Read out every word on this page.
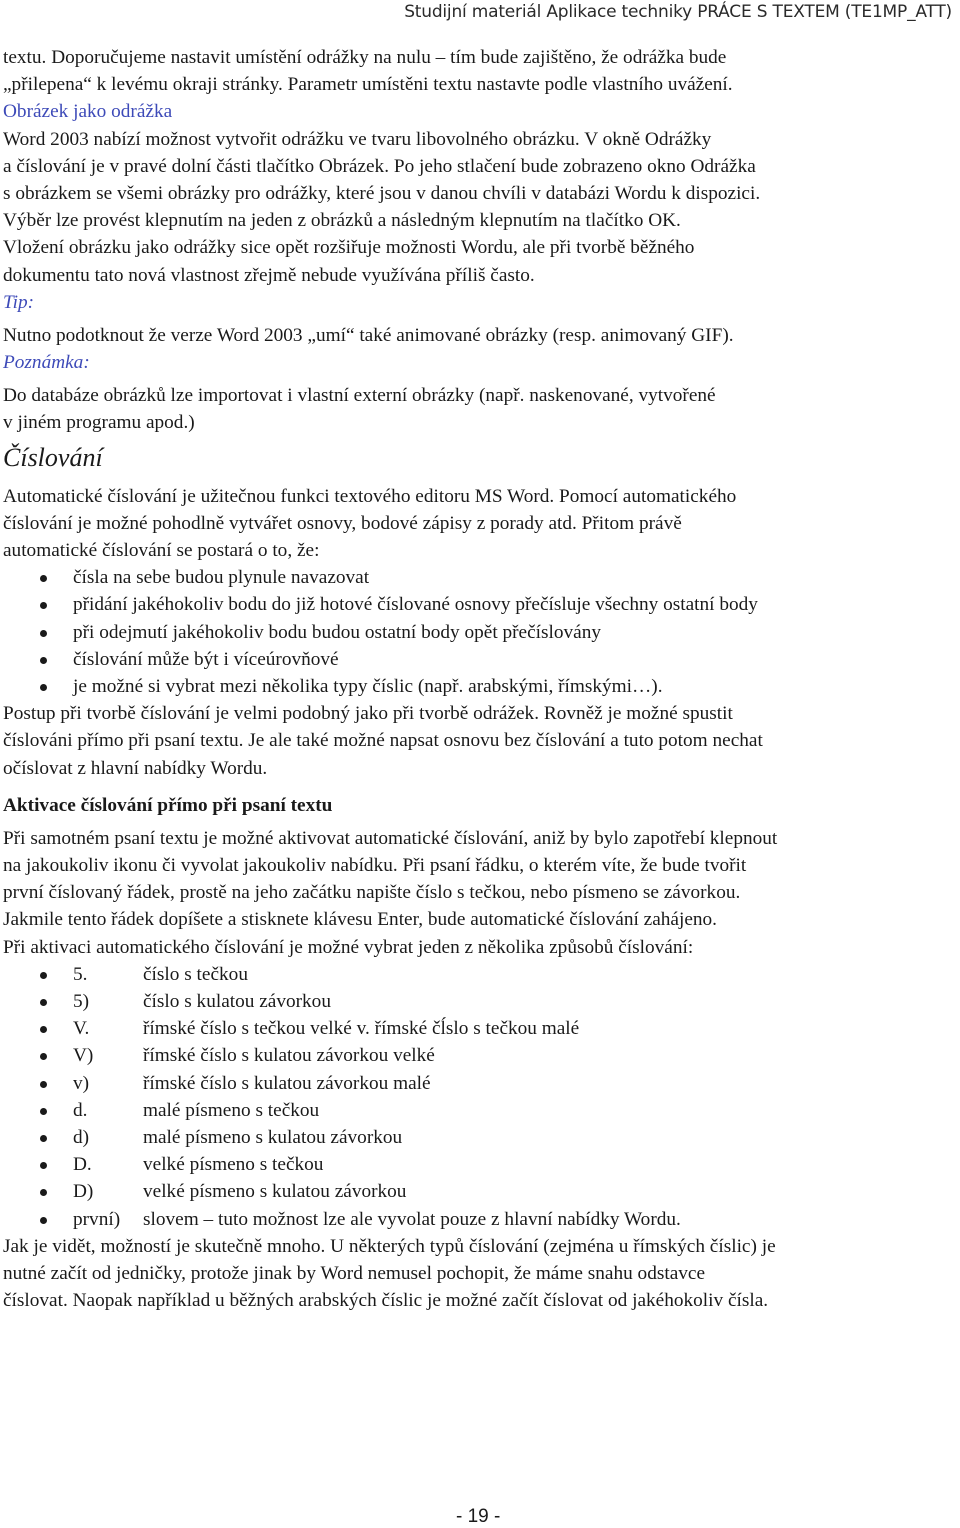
Studijní materiál Aplikace techniky PRÁCE S TEXTEM (TE1MP_ATT)
textu. Doporučujeme nastavit umístění odrážky na nulu – tím bude zajištěno, že odrážka bude
„přilepena“ k levému okraji stránky. Parametr umístěni textu nastavte podle vlastního uvážení.
Obrázek jako odrážka
Word 2003 nabízí možnost vytvořit odrážku ve tvaru libovolného obrázku. V okně Odrážky
a číslování je v pravé dolní části tlačítko Obrázek. Po jeho stlačení bude zobrazeno okno Odrážka
s obrázkem se všemi obrázky pro odrážky, které jsou v danou chvíli v databázi Wordu k dispozici.
Výběr lze provést klepnutím na jeden z obrázků a následným klepnutím na tlačítko OK.
Vložení obrázku jako odrážky sice opět rozšiřuje možnosti Wordu, ale při tvorbě běžného
dokumentu tato nová vlastnost zřejmě nebude využívána příliš často.
Tip:
Nutno podotknout že verze Word 2003 „umí“ také animované obrázky (resp. animovaný GIF).
Poznámka:
Do databáze obrázků lze importovat i vlastní externí obrázky (např. naskenované, vytvořené
v jiném programu apod.)
Číslování
Automatické číslování je užitečnou funkci textového editoru MS Word. Pomocí automatického
číslování je možné pohodlně vytvářet osnovy, bodové zápisy z porady atd. Přitom právě
automatické číslování se postará o to, že:
čísla na sebe budou plynule navazovat
přidání jakéhokoliv bodu do již hotové číslované osnovy přečísluje všechny ostatní body
při odejmutí jakéhokoliv bodu budou ostatní body opět přečíslovány
číslování může být i víceúrovňové
je možné si vybrat mezi několika typy číslic (např. arabskými, římskými…).
Postup při tvorbě číslování je velmi podobný jako při tvorbě odrážek. Rovněž je možné spustit
číslováni přímo při psaní textu. Je ale také možné napsat osnovu bez číslování a tuto potom nechat
očíslovat z hlavní nabídky Wordu.
Aktivace číslování přímo při psaní textu
Při samotném psaní textu je možné aktivovat automatické číslování, aniž by bylo zapotřebí klepnout
na jakoukoliv ikonu či vyvolat jakoukoliv nabídku. Při psaní řádku, o kterém víte, že bude tvořit
první číslovaný řádek, prostě na jeho začátku napište číslo s tečkou, nebo písmeno se závorkou.
Jakmile tento řádek dopíšete a stisknete klávesu Enter, bude automatické číslování zahájeno.
Při aktivaci automatického číslování je možné vybrat jeden z několika způsobů číslování:
5.	číslo s tečkou
5)	číslo s kulatou závorkou
V.	římské číslo s tečkou velké v. římské čĺslo s tečkou malé
V)	římské číslo s kulatou závorkou velké
v)	římské číslo s kulatou závorkou malé
d.	malé písmeno s tečkou
d)	malé písmeno s kulatou závorkou
D.	velké písmeno s tečkou
D)	velké písmeno s kulatou závorkou
první) slovem – tuto možnost lze ale vyvolat pouze z hlavní nabídky Wordu.
Jak je vidět, možností je skutečně mnoho. U některých typů číslování (zejména u římských číslic) je
nutné začít od jedničky, protože jinak by Word nemusel pochopit, že máme snahu odstavce
číslovat. Naopak například u běžných arabských číslic je možné začít číslovat od jakéhokoliv čísla.
- 19 -
